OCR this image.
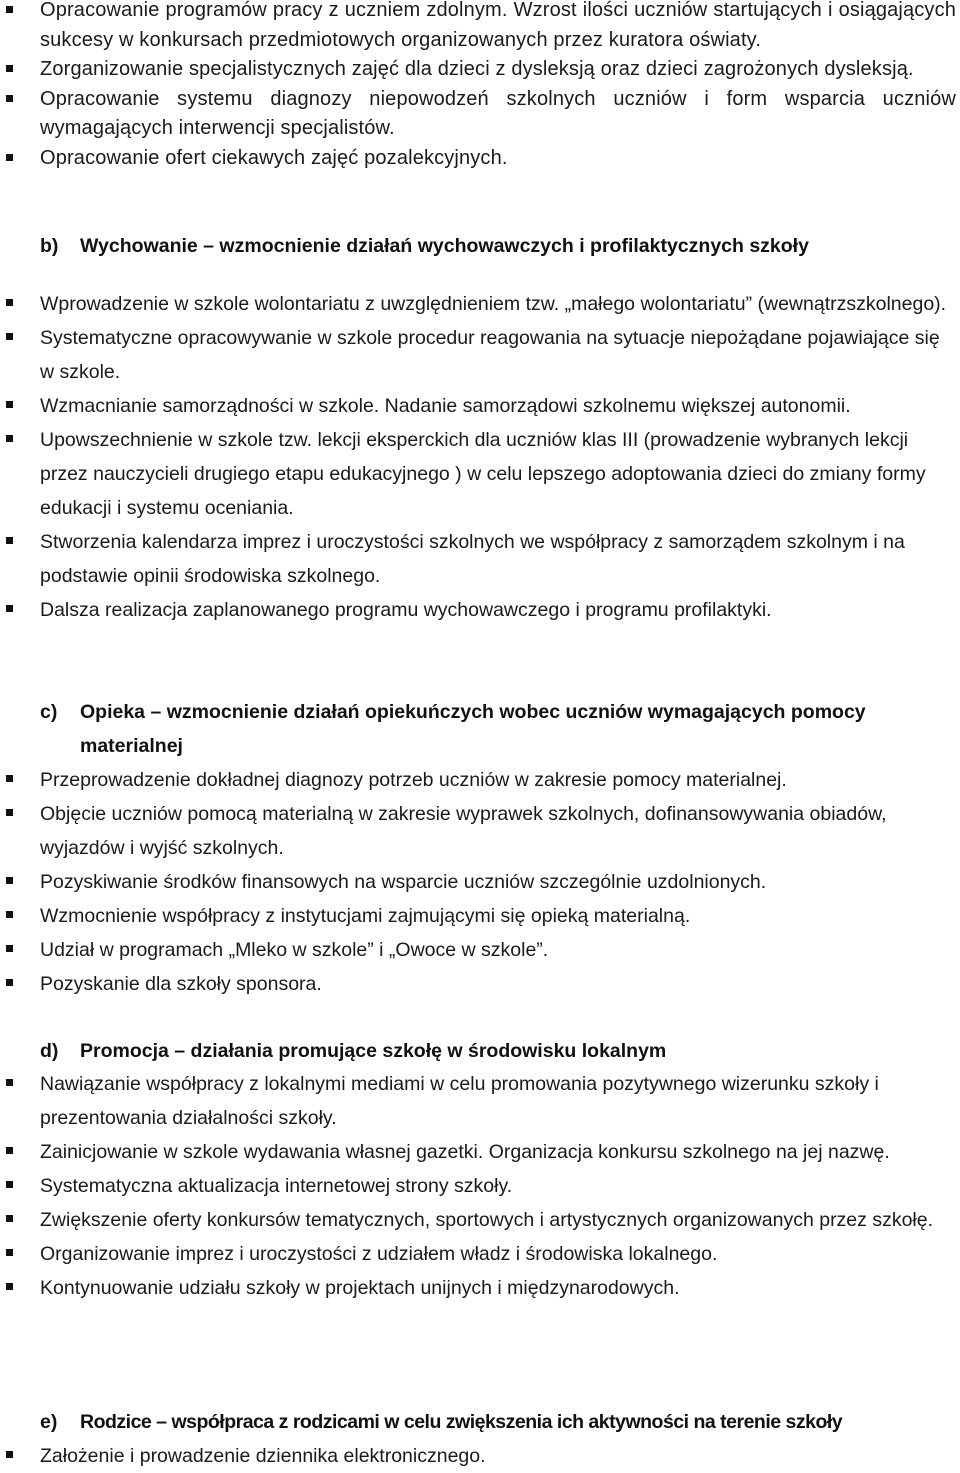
Opracowanie programów pracy z uczniem zdolnym. Wzrost ilości uczniów startujących i osiągających sukcesy w konkursach przedmiotowych organizowanych przez kuratora oświaty.
Zorganizowanie specjalistycznych zajęć dla dzieci z dysleksją oraz dzieci zagrożonych dysleksją.
Opracowanie systemu diagnozy niepowodzeń szkolnych uczniów i form wsparcia uczniów wymagających interwencji specjalistów.
Opracowanie ofert ciekawych zajęć pozalekcyjnych.
b)	Wychowanie – wzmocnienie działań wychowawczych i profilaktycznych szkoły
Wprowadzenie w szkole wolontariatu z uwzględnieniem tzw. „małego wolontariatu” (wewnątrzszkolnego).
Systematyczne opracowywanie w szkole procedur reagowania na sytuacje niepożądane pojawiające się w szkole.
Wzmacnianie samorządności w szkole. Nadanie samorządowi szkolnemu większej autonomii.
Upowszechnienie w szkole tzw. lekcji eksperckich dla uczniów klas III (prowadzenie wybranych lekcji przez nauczycieli drugiego etapu edukacyjnego ) w celu lepszego adoptowania dzieci do zmiany formy edukacji i systemu oceniania.
Stworzenia kalendarza imprez i uroczystości szkolnych we współpracy z samorządem szkolnym i na podstawie opinii środowiska szkolnego.
Dalsza realizacja zaplanowanego programu wychowawczego i programu profilaktyki.
c)	Opieka – wzmocnienie działań opiekuńczych wobec uczniów wymagających pomocy materialnej
Przeprowadzenie dokładnej diagnozy potrzeb uczniów w zakresie pomocy materialnej.
Objęcie uczniów pomocą materialną w zakresie wyprawek szkolnych, dofinansowywania obiadów, wyjazdów i wyjść szkolnych.
Pozyskiwanie środków finansowych na wsparcie uczniów szczególnie uzdolnionych.
Wzmocnienie współpracy z instytucjami zajmującymi się opieką materialną.
Udział w programach „Mleko w szkole” i „Owoce w szkole”.
Pozyskanie dla szkoły sponsora.
d)	Promocja – działania promujące szkołę w środowisku lokalnym
Nawiązanie współpracy z lokalnymi mediami w celu promowania pozytywnego wizerunku szkoły i prezentowania działalności szkoły.
Zainicjowanie w szkole wydawania własnej gazetki. Organizacja konkursu szkolnego na jej nazwę.
Systematyczna aktualizacja internetowej strony szkoły.
Zwiększenie oferty konkursów tematycznych, sportowych i artystycznych organizowanych przez szkołę.
Organizowanie imprez i uroczystości z udziałem władz i środowiska lokalnego.
Kontynuowanie udziału szkoły w projektach unijnych i międzynarodowych.
e)	Rodzice – współpraca z rodzicami w celu zwiększenia ich aktywności na terenie szkoły
Założenie i prowadzenie dziennika elektronicznego.
